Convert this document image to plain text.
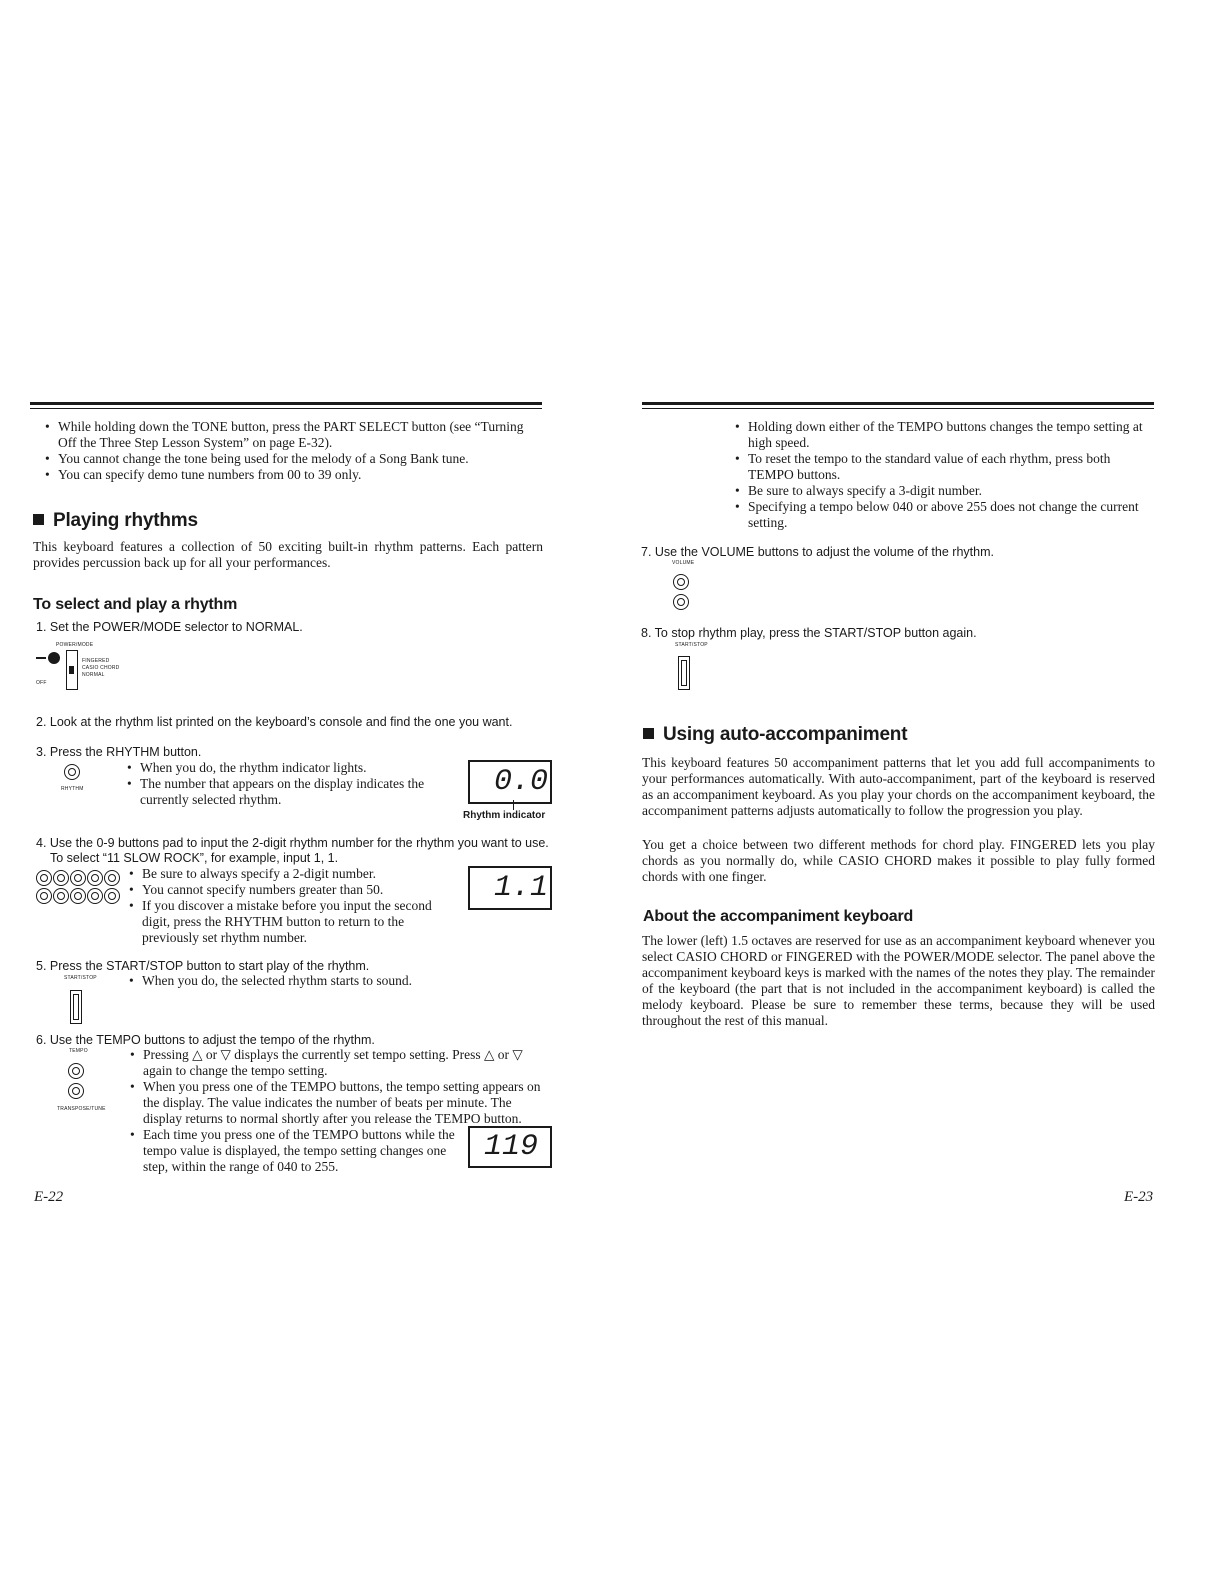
• While holding down the TONE button, press the PART SELECT button (see “Turning Off the Three Step Lesson System” on page E-32).
• You cannot change the tone being used for the melody of a Song Bank tune.
• You can specify demo tune numbers from 00 to 39 only.
Playing rhythms
This keyboard features a collection of 50 exciting built-in rhythm patterns. Each pattern provides percussion back up for all your performances.
To select and play a rhythm
1. Set the POWER/MODE selector to NORMAL.
POWER/MODE
FINGERED
CASIO CHORD
NORMAL
OFF
2. Look at the rhythm list printed on the keyboard’s console and find the one you want.
3. Press the RHYTHM button.
RHYTHM
• When you do, the rhythm indicator lights.
• The number that appears on the display indicates the currently selected rhythm.
0.0
Rhythm indicator
4. Use the 0-9 buttons pad to input the 2-digit rhythm number for the rhythm you want to use.
To select “11 SLOW ROCK”, for example, input 1, 1.
• Be sure to always specify a 2-digit number.
• You cannot specify numbers greater than 50.
• If you discover a mistake before you input the second digit, press the RHYTHM button to return to the previously set rhythm number.
1.1
5. Press the START/STOP button to start play of the rhythm.
START/STOP
•	When you do, the selected rhythm starts to sound.
6. Use the TEMPO buttons to adjust the tempo of the rhythm.
TEMPO
TRANSPOSE/TUNE
• Pressing △ or ▽ displays the currently set tempo setting. Press △ or ▽ again to change the tempo setting.
• When you press one of the TEMPO buttons, the tempo setting appears on the display. The value indicates the number of beats per minute. The display returns to normal shortly after you release the TEMPO button.
• Each time you press one of the TEMPO buttons while the tempo value is displayed, the tempo setting changes one step, within the range of 040 to 255.
119
E-22
• Holding down either of the TEMPO buttons changes the tempo setting at high speed.
• To reset the tempo to the standard value of each rhythm, press both TEMPO buttons.
• Be sure to always specify a 3-digit number.
• Specifying a tempo below 040 or above 255 does not change the current setting.
7. Use the VOLUME buttons to adjust the volume of the rhythm.
VOLUME
8. To stop rhythm play, press the START/STOP button again.
START/STOP
Using auto-accompaniment
This keyboard features 50 accompaniment patterns that let you add full accompaniments to your performances automatically. With auto-accompaniment, part of the keyboard is reserved as an accompaniment keyboard. As you play your chords on the accompaniment keyboard, the accompaniment patterns adjusts automatically to follow the progression you play.
You get a choice between two different methods for chord play. FINGERED lets you play chords as you normally do, while CASIO CHORD makes it possible to play fully formed chords with one finger.
About the accompaniment keyboard
The lower (left) 1.5 octaves are reserved for use as an accompaniment keyboard whenever you select CASIO CHORD or FINGERED with the POWER/MODE selector. The panel above the accompaniment keyboard keys is marked with the names of the notes they play. The remainder of the keyboard (the part that is not included in the accompaniment keyboard) is called the melody keyboard. Please be sure to remember these terms, because they will be used throughout the rest of this manual.
E-23
